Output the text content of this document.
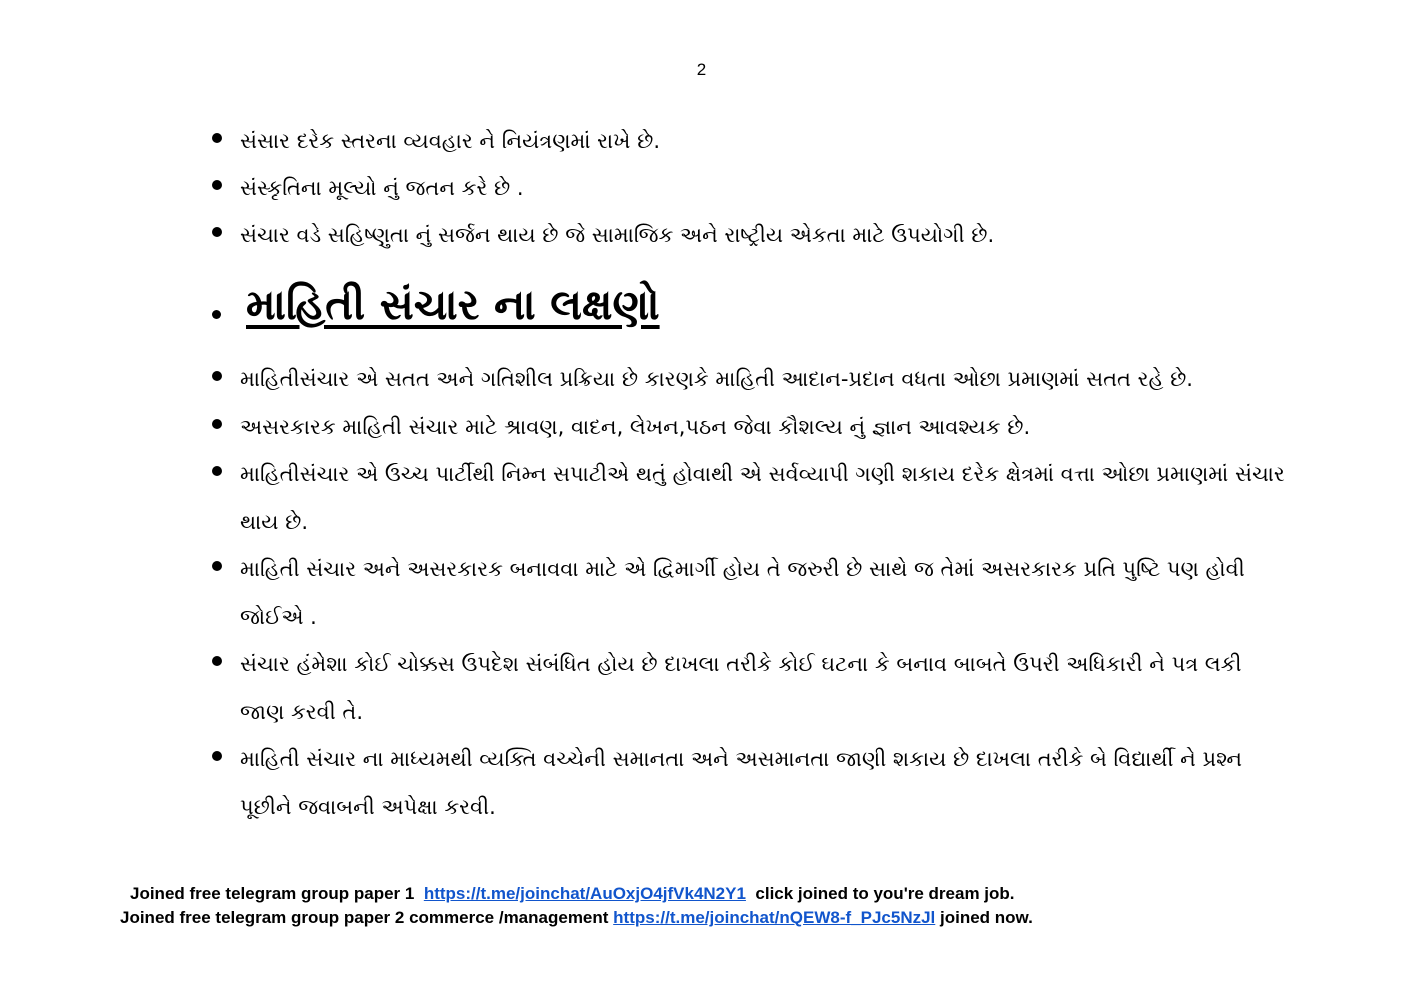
2
સંસાર દરેક સ્તરના વ્યવહાર ને નિયંત્રણમાં રાખે છે.
સંસ્કૃતિના મૂલ્યો નું જતન કરે છે .
સંચાર વડે સહિષ્ણુતા નું સર્જન થાય છે જે સામાજિક અને રાષ્ટ્રીય એકતા માટે ઉપયોગી છે.
માહિતી સંચાર ના લક્ષણો
માહિતીસંચાર એ સતત અને ગતિશીલ પ્રક્રિયા છે કારણકે માહિતી આદાન-પ્રદાન વધતા ઓછા પ્રમાણમાં સતત રહે છે.
અસરકારક માહિતી સંચાર માટે શ્રાવણ, વાદન, લેખન,પઠન જેવા કૌશલ્ય નું જ્ઞાન આવશ્યક છે.
માહિતીસંચાર એ ઉચ્ચ પાર્ટીથી નિમ્ન સપાટીએ થતું હોવાથી એ સર્વવ્યાપી ગણી શકાય દરેક ક્ષેત્રમાં વત્તા ઓછા પ્રમાણમાં સંચાર થાય છે.
માહિતી સંચાર અને અસરકારક બનાવવા માટે એ દ્વિમાર્ગી હોય તે જરુરી છે સાથે જ તેમાં અસરકારક પ્રતિ પુષ્ટિ પણ હોવી જોઈએ .
સંચાર હંમેશા કોઈ ચોક્કસ ઉપદેશ સંબંધિત હોય છે દાખલા તરીકે કોઈ ઘટના કે બનાવ બાબતે ઉપરી અધિકારી ને પત્ર લકી જાણ કરવી તે.
માહિતી સંચાર ના માધ્યમથી વ્યક્તિ વચ્ચેની સમાનતા અને અસમાનતા જાણી શકાય છે દાખલા તરીકે બે વિદ્યાર્થી ને પ્રશ્ન પૂછીને જવાબની અપેક્ષા કરવી.
Joined free telegram group paper 1 https://t.me/joinchat/AuOxjO4jfVk4N2Y1 click joined to you're dream job.
Joined free telegram group paper 2 commerce /management https://t.me/joinchat/nQEW8-f_PJc5NzJl joined now.
